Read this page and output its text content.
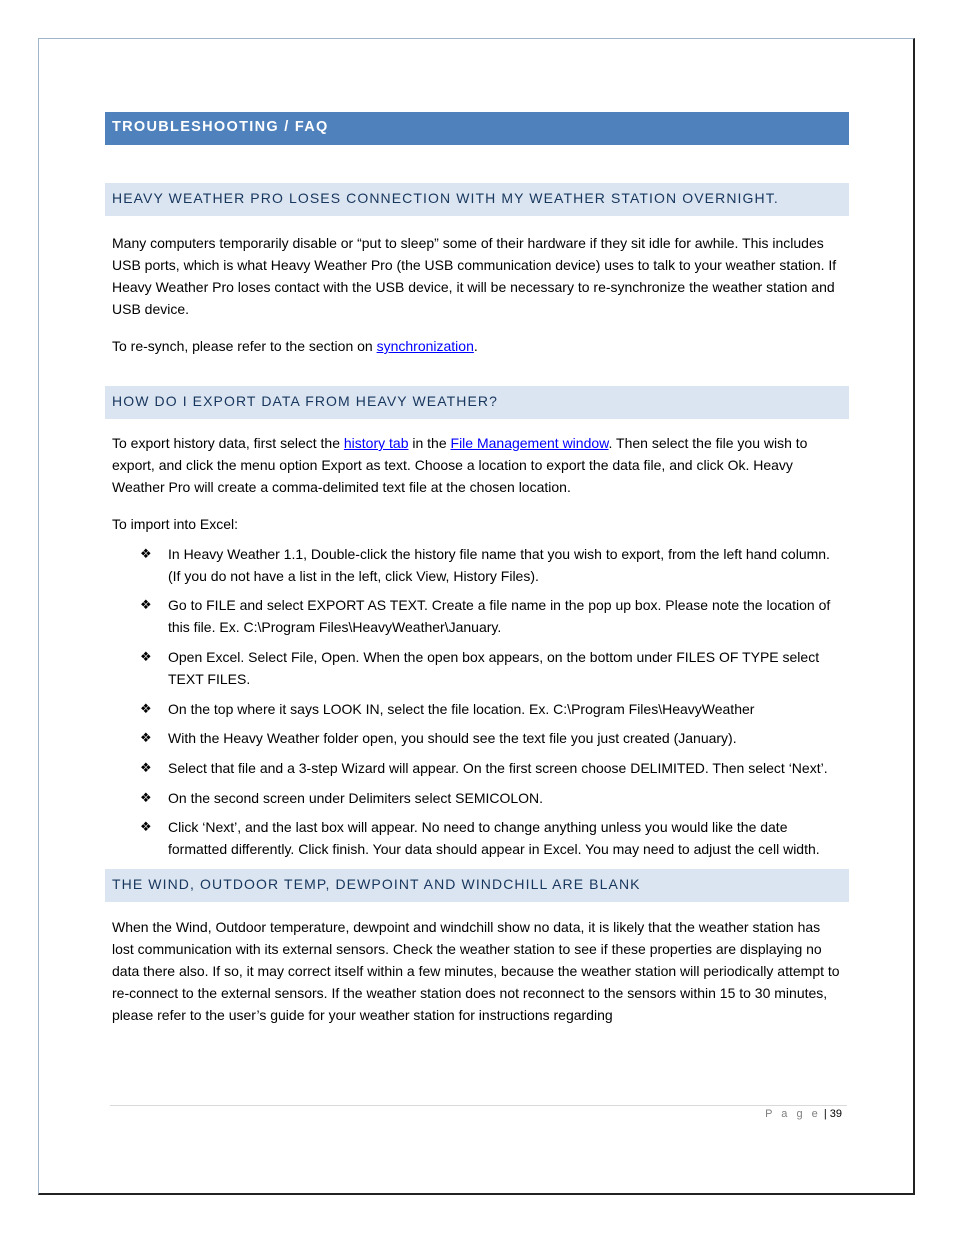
TROUBLESHOOTING / FAQ
HEAVY WEATHER PRO LOSES CONNECTION WITH MY WEATHER STATION OVERNIGHT.

Many computers temporarily disable or “put to sleep” some of their hardware if they sit idle for awhile. This includes USB ports, which is what Heavy Weather Pro (the USB communication device) uses to talk to your weather station. If Heavy Weather Pro loses contact with the USB device, it will be necessary to re-synchronize the weather station and USB device.

To re-synch, please refer to the section on synchronization.

HOW DO I EXPORT DATA FROM HEAVY WEATHER?

To export history data, first select the history tab in the File Management window. Then select the file you wish to export, and click the menu option Export as text. Choose a location to export the data file, and click Ok. Heavy Weather Pro will create a comma-delimited text file at the chosen location.

To import into Excel:

❖ In Heavy Weather 1.1, Double-click the history file name that you wish to export, from the left hand column. (If you do not have a list in the left, click View, History Files).
❖ Go to FILE and select EXPORT AS TEXT. Create a file name in the pop up box. Please note the location of this file. Ex. C:\Program Files\HeavyWeather\January.
❖ Open Excel. Select File, Open. When the open box appears, on the bottom under FILES OF TYPE select TEXT FILES.
❖ On the top where it says LOOK IN, select the file location. Ex. C:\Program Files\HeavyWeather
❖ With the Heavy Weather folder open, you should see the text file you just created (January).
❖ Select that file and a 3-step Wizard will appear. On the first screen choose DELIMITED. Then select ‘Next’.
❖ On the second screen under Delimiters select SEMICOLON.
❖ Click ‘Next’, and the last box will appear. No need to change anything unless you would like the date formatted differently. Click finish. Your data should appear in Excel. You may need to adjust the cell width.
THE WIND, OUTDOOR TEMP, DEWPOINT AND WINDCHILL ARE BLANK

When the Wind, Outdoor temperature, dewpoint and windchill show no data, it is likely that the weather station has lost communication with its external sensors. Check the weather station to see if these properties are displaying no data there also. If so, it may correct itself within a few minutes, because the weather station will periodically attempt to re-connect to the external sensors. If the weather station does not reconnect to the sensors within 15 to 30 minutes, please refer to the user’s guide for your weather station for instructions regarding

P a g e | 39
